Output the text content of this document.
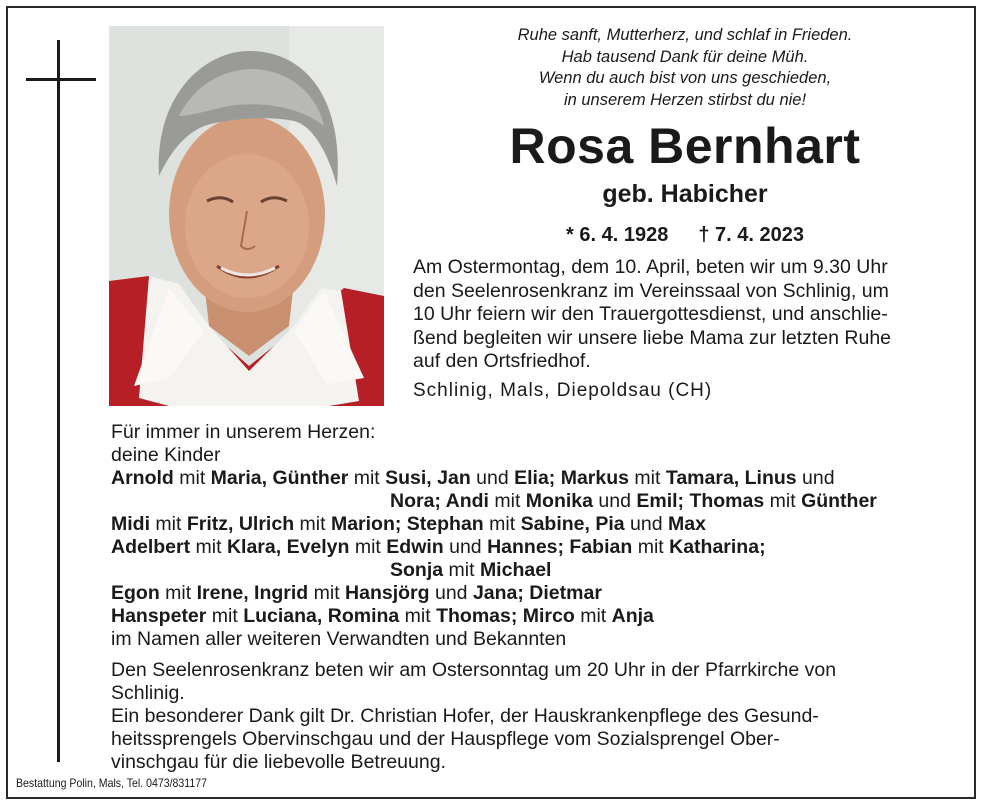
Ruhe sanft, Mutterherz, und schlaf in Frieden.
Hab tausend Dank für deine Müh.
Wenn du auch bist von uns geschieden,
in unserem Herzen stirbst du nie!
Rosa Bernhart
geb. Habicher
* 6. 4. 1928 † 7. 4. 2023
Am Ostermontag, dem 10. April, beten wir um 9.30 Uhr
den Seelenrosenkranz im Vereinssaal von Schlinig, um
10 Uhr feiern wir den Trauergottesdienst, und anschlie-
ßend begleiten wir unsere liebe Mama zur letzten Ruhe
auf den Ortsfriedhof.
Schlinig, Mals, Diepoldsau (CH)
Für immer in unserem Herzen:
deine Kinder
Arnold mit Maria, Günther mit Susi, Jan und Elia; Markus mit Tamara, Linus und
Nora; Andi mit Monika und Emil; Thomas mit Günther
Midi mit Fritz, Ulrich mit Marion; Stephan mit Sabine, Pia und Max
Adelbert mit Klara, Evelyn mit Edwin und Hannes; Fabian mit Katharina;
Sonja mit Michael
Egon mit Irene, Ingrid mit Hansjörg und Jana; Dietmar
Hanspeter mit Luciana, Romina mit Thomas; Mirco mit Anja
im Namen aller weiteren Verwandten und Bekannten
Den Seelenrosenkranz beten wir am Ostersonntag um 20 Uhr in der Pfarrkirche von
Schlinig.
Ein besonderer Dank gilt Dr. Christian Hofer, der Hauskrankenpflege des Gesund-
heitssprengels Obervinschgau und der Hauspflege vom Sozialsprengel Ober-
vinschgau für die liebevolle Betreuung.
Bestattung Polin, Mals, Tel. 0473/831177
